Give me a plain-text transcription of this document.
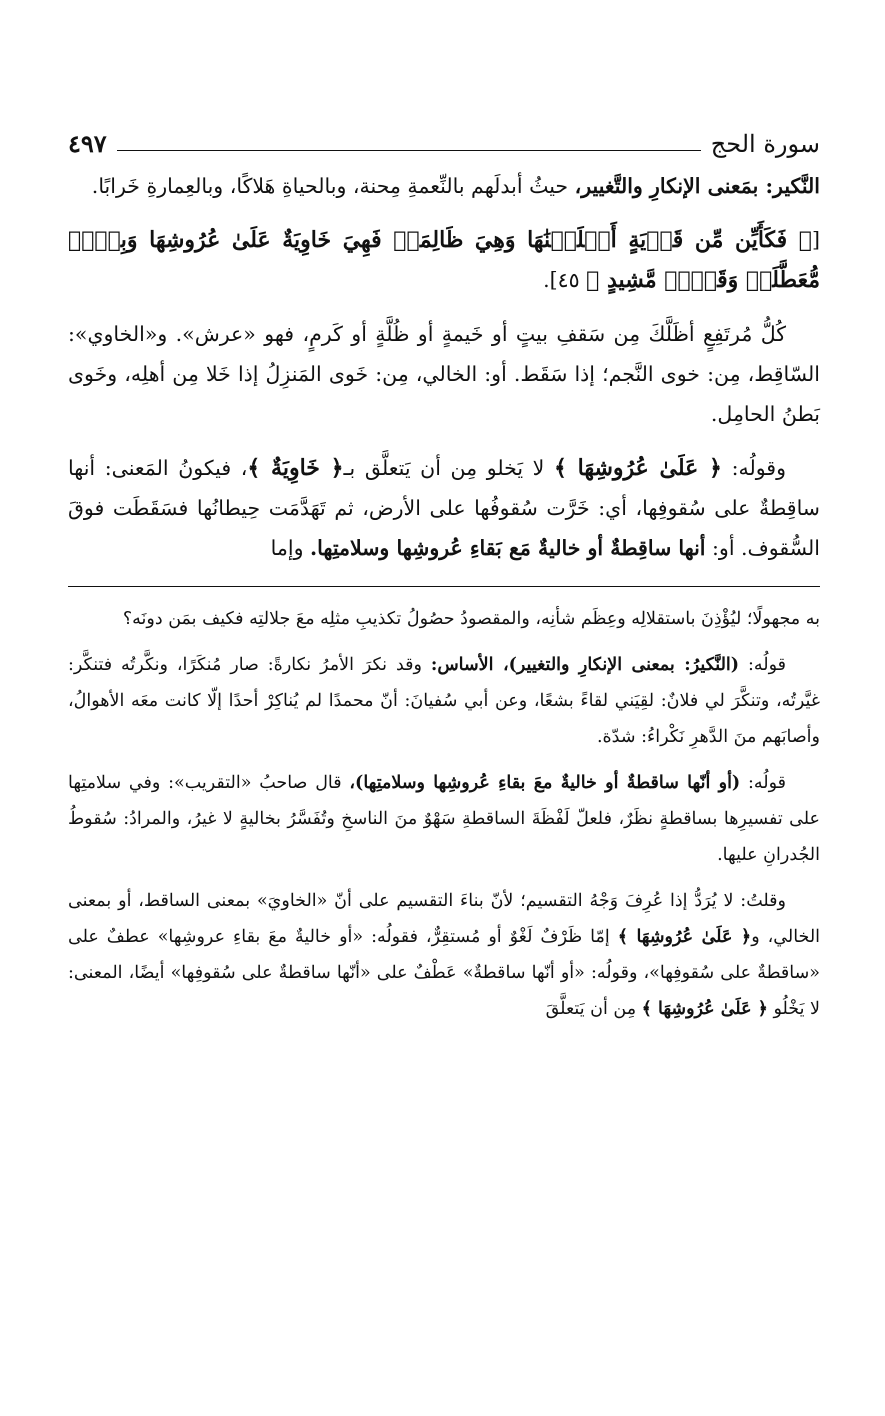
سورة الحج
٤٩٧

النَّكير: بمَعنى الإنكارِ والتَّغيير، حيثُ أبدلَهم بالنِّعمةِ مِحنة، وبالحياةِ هَلاكًا، وبالعِمارةِ خَرابًا.

[﴿ فَكَأَيِّن مِّن قَرۡيَةٍ أَهۡلَكۡنَٰهَا وَهِيَ ظَالِمَةٞ فَهِيَ خَاوِيَةٌ عَلَىٰ عُرُوشِهَا وَبِئۡرٖ مُّعَطَّلَةٖ وَقَصۡرٖ مَّشِيدٍ ﴾ ٤٥].

كُلُّ مُرتَفِعٍ أظَلَّكَ مِن سَقفِ بيتٍ أو خَيمةٍ أو ظُلَّةٍ أو كَرمٍ، فهو «عرش». و«الخاوي»: السّاقِط، مِن: خوى النَّجم؛ إذا سَقَط. أو: الخالي، مِن: خَوى المَنزِلُ إذا خَلا مِن أهلِه، وخَوى بَطنُ الحامِل.

وقولُه: ﴿ عَلَىٰ عُرُوشِهَا ﴾ لا يَخلو مِن أن يَتعلَّق بـ﴿ خَاوِيَةٌ ﴾، فيكونُ المَعنى: أنها ساقِطةٌ على سُقوفِها، أي: خَرَّت سُقوفُها على الأرض، ثم تَهَدَّمَت حِيطانُها فسَقَطَت فوقَ السُّقوف. أو: أنها ساقِطةٌ أو خاليةٌ مَع بَقاءِ عُروشِها وسلامتِها. وإما

به مجهولًا؛ ليُؤْذِنَ باستقلالِه وعِظَم شأنِه، والمقصودُ حصُولُ تكذيبِ مثلِه معَ جلالتِه فكيف بمَن دونَه؟

قولُه: (النَّكيرُ: بمعنى الإنكارِ والتغيير)، الأساس: وقد نكرَ الأمرُ نكارةً: صار مُنكَرًا، ونكَّرتُه فتنكَّر: غيَّرتُه، وتنكَّرَ لي فلانٌ: لقِيَني لقاءً بشعًا، وعن أبي سُفيانَ: أنّ محمدًا لم يُناكِرْ أحدًا إلّا كانت معَه الأهوالُ، وأصابَهم منَ الدَّهرِ نَكْراءُ: شدّة.

قولُه: (أو أنّها ساقطةٌ أو خاليةٌ معَ بقاءِ عُروشِها وسلامتِها)، قال صاحبُ «التقريب»: وفي سلامتِها على تفسيرِها بساقطةٍ نظَرٌ، فلعلّ لَفْظَةَ الساقطةِ سَهْوٌ منَ الناسخِ وتُفَسَّرُ بخاليةٍ لا غيرُ، والمرادُ: سُقوطُ الجُدرانِ عليها.

وقلتُ: لا يُرَدُّ إذا عُرِفَ وَجْهُ التقسيم؛ لأنّ بناءَ التقسيم على أنّ «الخاويَ» بمعنى الساقط، أو بمعنى الخالي، و﴿ عَلَىٰ عُرُوشِهَا ﴾ إمّا ظَرْفٌ لَغْوٌ أو مُستقِرٌّ، فقولُه: «أو خاليةٌ معَ بقاءِ عروشِها» عطفٌ على «ساقطةٌ على سُقوفِها»، وقولُه: «أو أنّها ساقطةٌ» عَطْفٌ على «أنّها ساقطةٌ على سُقوفِها» أيضًا، المعنى: لا يَخْلُو ﴿ عَلَىٰ عُرُوشِهَا ﴾ مِن أن يَتعلَّقَ
